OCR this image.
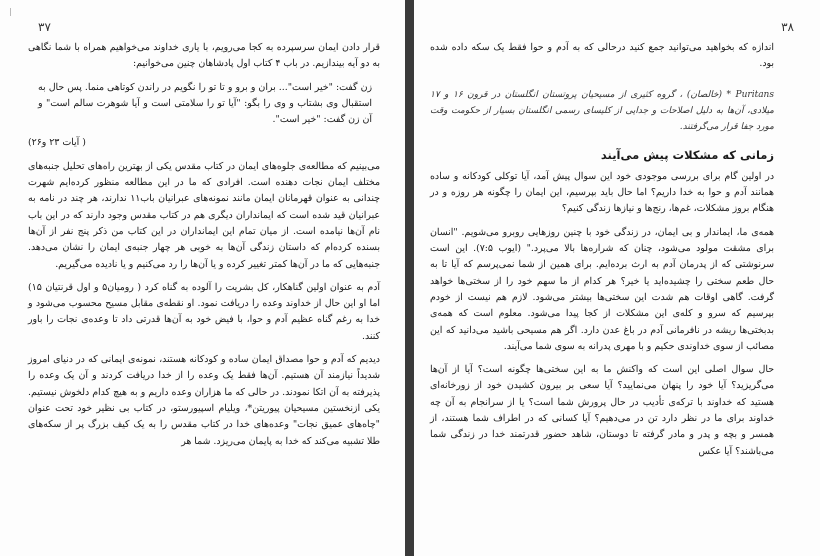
۳۷

قرار دادن ایمان سرسپرده به کجا می‌رویم، با یاری خداوند می‌خواهیم همراه با شما نگاهی به دو آیه بیندازیم. در باب ۴ کتاب اول پادشاهان چنین می‌خوانیم:

زن گفت: "خیر است"... بران و برو و تا تو را نگویم در راندن کوتاهی منما. پس حال به استقبال وی بشتاب و وی را بگو: "آیا تو را سلامتی است و آیا شوهرت سالم است" و آن زن گفت: "خیر است".

( آیات ۲۳ و۲۶)

می‌بینیم که مطالعه‌ی جلوه‌های ایمان در کتاب مقدس یکی از بهترین راه‌های تحلیل جنبه‌های مختلف ایمان نجات دهنده است. افرادی که ما در این مطالعه منظور کرده‌ایم شهرت چندانی به عنوان قهرمانان ایمان مانند نمونه‌های عبرانیان باب۱۱ ندارند، هر چند در نامه به عبرانیان قید شده است که ایمانداران دیگری هم در کتاب مقدس وجود دارند که در این باب نام آن‌ها نیامده است. از میان تمام این ایمانداران در این کتاب من ذکر پنج نفر از آن‌ها بسنده کرده‌ام که داستان زندگی آن‌ها به خوبی هر چهار جنبه‌ی ایمان را نشان می‌دهد. جنبه‌هایی که ما در آن‌ها کمتر تغییر کرده و یا آن‌ها را رد می‌کنیم و یا نادیده می‌گیریم.

آدم به عنوان اولین گناهکار، کل بشریت را آلوده به گناه کرد ( رومیان۵ و اول قرنتیان ۱۵) اما او این حال از خداوند وعده را دریافت نمود. او نقطه‌ی مقابل مسیح محسوب می‌شود و خدا به رغم گناه عظیم آدم و حوا، با فیض خود به آن‌ها قدرتی داد تا وعده‌ی نجات را باور کنند.

دیدیم که آدم و حوا مصداق ایمان ساده و کودکانه هستند، نمونه‌ی ایمانی که در دنیای امروز شدیداً نیازمند آن هستیم. آن‌ها فقط یک وعده را از خدا دریافت کردند و آن یک وعده را پذیرفته به آن اتکا نمودند. در حالی که ما هزاران وعده داریم و به هیچ کدام دلخوش نیستیم. یکی ازنخستین مسیحیان پیوریتن*، ویلیام اسپیورستو، در کتاب بی نظیر خود تحت عنوان "چاه‌های عمیق نجات" وعده‌های خدا در کتاب مقدس را به یک کیف بزرگ پر از سکه‌های طلا تشبیه می‌کند که خدا به پایمان می‌ریزد. شما هر

۳۸

اندازه که بخواهید می‌توانید جمع کنید درحالی که به آدم و حوا فقط یک سکه داده شده بود.

Puritans * (خالصان) ، گروه کثیری از مسیحیان پروتستان انگلستان در قرون ۱۶ و ۱۷ میلادی، آن‌ها به دلیل اصلاحات و جدایی از کلیسای رسمی انگلستان بسیار از حکومت وقت مورد جفا قرار می‌گرفتند.
زمانی که مشکلات پیش می‌آیند

در اولین گام برای بررسی موجودی خود این سوال پیش آمد، آیا توکلی کودکانه و ساده همانند آدم و حوا به خدا داریم؟ اما حال باید بپرسیم، این ایمان را چگونه هر روزه و در هنگام بروز مشکلات، غم‌ها، رنج‌ها و نیازها زندگی کنیم؟

همه‌ی ما، ایماندار و بی ایمان، در زندگی خود با چنین روزهایی روبرو می‌شویم. "انسان برای مشقت مولود می‌شود، چنان که شراره‌ها بالا می‌پرد." (ایوب ۷:۵). این است سرنوشتی که از پدرمان آدم به ارث برده‌ایم. برای همین از شما نمی‌پرسم که آیا تا به حال طعم سختی را چشیده‌اید یا خیر؟ هر کدام از ما سهم خود را از سختی‌ها خواهد گرفت. گاهی اوقات هم شدت این سختی‌ها بیشتر می‌شود. لازم هم نیست از خودم بپرسیم که سرو و کله‌ی این مشکلات از کجا پیدا می‌شود. معلوم است که همه‌ی بدبختی‌ها ریشه در نافرمانی آدم در باغ عدن دارد. اگر هم مسیحی باشید می‌دانید که این مصائب از سوی خداوندی حکیم و با مهری پدرانه به سوی شما می‌آیند.

حال سوال اصلی این است که واکنش ما به این سختی‌ها چگونه است؟ آیا از آن‌ها می‌گریزید؟ آیا خود را پنهان می‌نمایید؟ آیا سعی بر بیرون کشیدن خود از زورخانه‌ای هستید که خداوند با ترکه‌ی تأدیب در حال پرورش شما است؟ یا از سرانجام به آن چه خداوند برای ما در نظر دارد تن در می‌دهیم؟ آیا کسانی که در اطراف شما هستند، از همسر و بچه و پدر و مادر گرفته تا دوستان، شاهد حضور قدرتمند خدا در زندگی شما می‌باشند؟ آیا عکس
